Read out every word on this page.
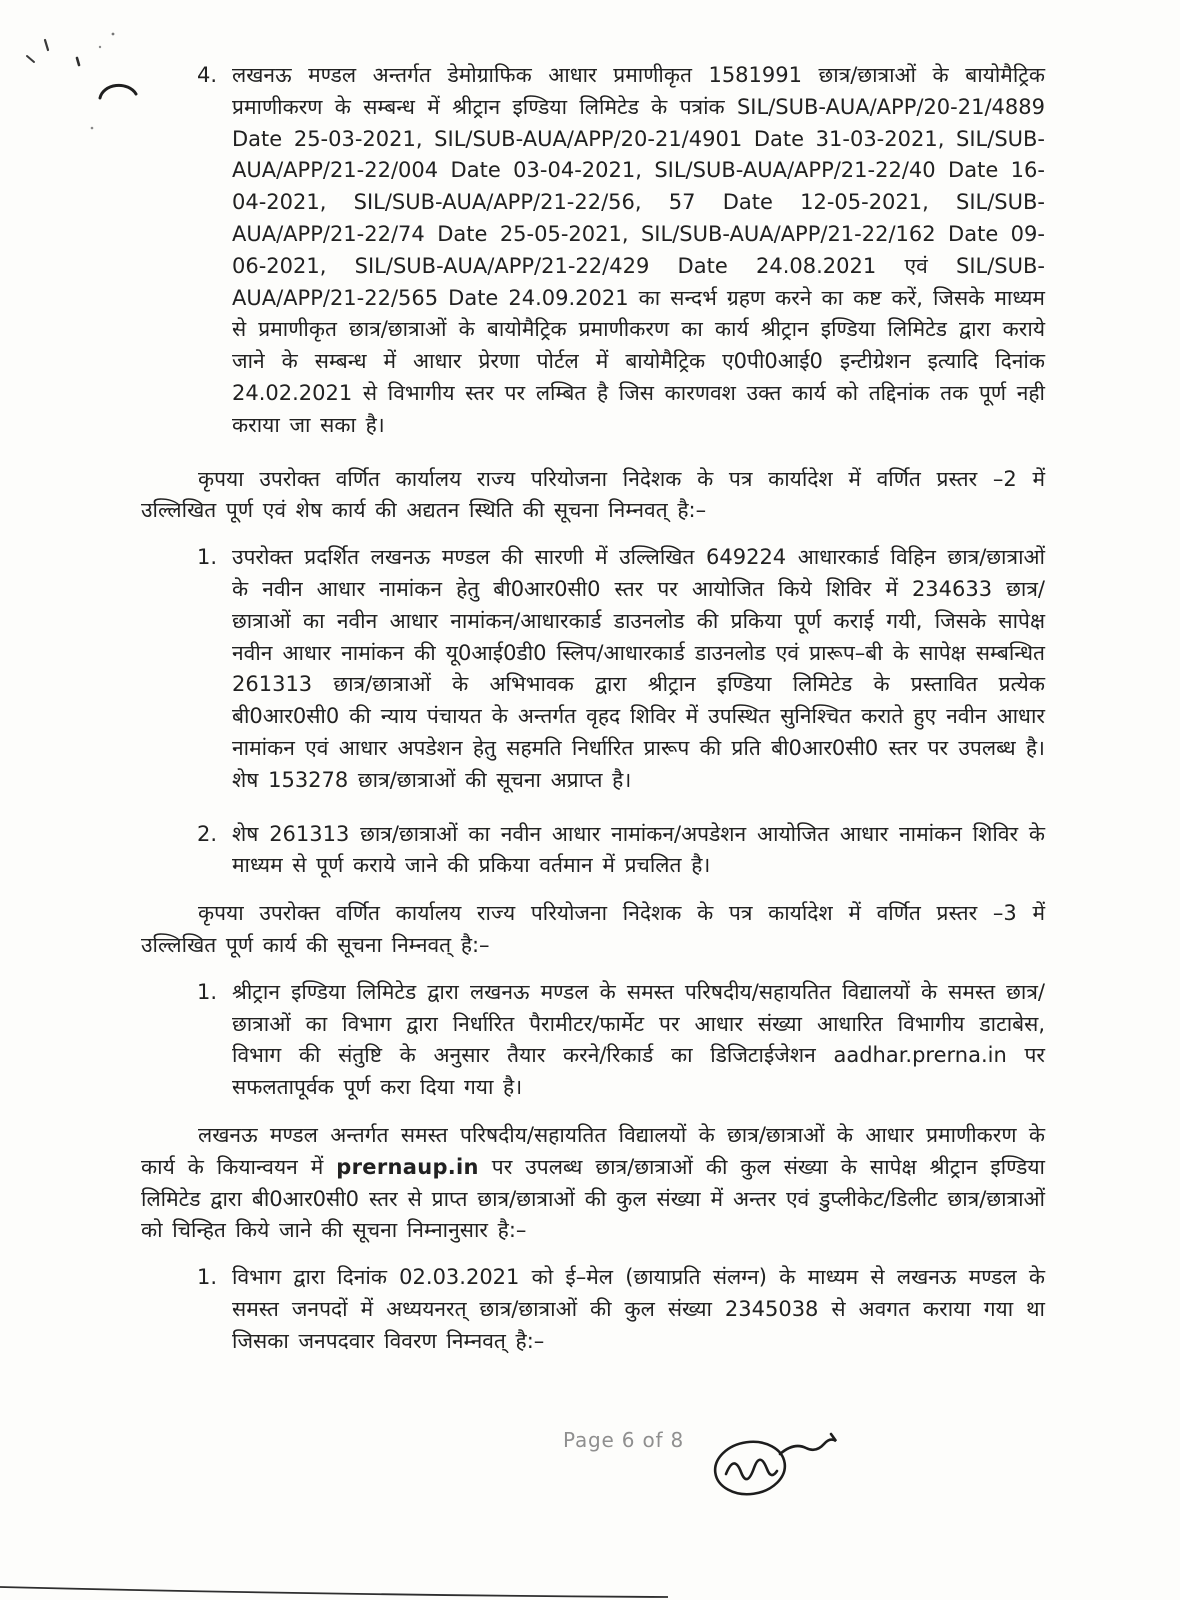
4. लखनऊ मण्डल अन्तर्गत डेमोग्राफिक आधार प्रमाणीकृत 1581991 छात्र/छात्राओं के बायोमैट्रिक प्रमाणीकरण के सम्बन्ध में श्रीट्रान इण्डिया लिमिटेड के पत्रांक SIL/SUB-AUA/APP/20-21/4889 Date 25-03-2021, SIL/SUB-AUA/APP/20-21/4901 Date 31-03-2021, SIL/SUB-AUA/APP/21-22/004 Date 03-04-2021, SIL/SUB-AUA/APP/21-22/40 Date 16-04-2021, SIL/SUB-AUA/APP/21-22/56, 57 Date 12-05-2021, SIL/SUB-AUA/APP/21-22/74 Date 25-05-2021, SIL/SUB-AUA/APP/21-22/162 Date 09-06-2021, SIL/SUB-AUA/APP/21-22/429 Date 24.08.2021 एवं SIL/SUB-AUA/APP/21-22/565 Date 24.09.2021 का सन्दर्भ ग्रहण करने का कष्ट करें, जिसके माध्यम से प्रमाणीकृत छात्र/छात्राओं के बायोमैट्रिक प्रमाणीकरण का कार्य श्रीट्रान इण्डिया लिमिटेड द्वारा कराये जाने के सम्बन्ध में आधार प्रेरणा पोर्टल में बायोमैट्रिक ए0पी0आई0 इन्टीग्रेशन इत्यादि दिनांक 24.02.2021 से विभागीय स्तर पर लम्बित है जिस कारणवश उक्त कार्य को तद्दिनांक तक पूर्ण नही कराया जा सका है।

कृपया उपरोक्त वर्णित कार्यालय राज्य परियोजना निदेशक के पत्र कार्यादेश में वर्णित प्रस्तर –2 में उल्लिखित पूर्ण एवं शेष कार्य की अद्यतन स्थिति की सूचना निम्नवत् है:–

1. उपरोक्त प्रदर्शित लखनऊ मण्डल की सारणी में उल्लिखित 649224 आधारकार्ड विहिन छात्र/छात्राओं के नवीन आधार नामांकन हेतु बी0आर0सी0 स्तर पर आयोजित किये शिविर में 234633 छात्र/छात्राओं का नवीन आधार नामांकन/आधारकार्ड डाउनलोड की प्रकिया पूर्ण कराई गयी, जिसके सापेक्ष नवीन आधार नामांकन की यू0आई0डी0 स्लिप/आधारकार्ड डाउनलोड एवं प्रारूप–बी के सापेक्ष सम्बन्धित 261313 छात्र/छात्राओं के अभिभावक द्वारा श्रीट्रान इण्डिया लिमिटेड के प्रस्तावित प्रत्येक बी0आर0सी0 की न्याय पंचायत के अन्तर्गत वृहद शिविर में उपस्थित सुनिश्चित कराते हुए नवीन आधार नामांकन एवं आधार अपडेशन हेतु सहमति निर्धारित प्रारूप की प्रति बी0आर0सी0 स्तर पर उपलब्ध है। शेष 153278 छात्र/छात्राओं की सूचना अप्राप्त है।
2. शेष 261313 छात्र/छात्राओं का नवीन आधार नामांकन/अपडेशन आयोजित आधार नामांकन शिविर के माध्यम से पूर्ण कराये जाने की प्रकिया वर्तमान में प्रचलित है।

कृपया उपरोक्त वर्णित कार्यालय राज्य परियोजना निदेशक के पत्र कार्यादेश में वर्णित प्रस्तर –3 में उल्लिखित पूर्ण कार्य की सूचना निम्नवत् है:–

1. श्रीट्रान इण्डिया लिमिटेड द्वारा लखनऊ मण्डल के समस्त परिषदीय/सहायतित विद्यालयों के समस्त छात्र/छात्राओं का विभाग द्वारा निर्धारित पैरामीटर/फार्मेट पर आधार संख्या आधारित विभागीय डाटाबेस, विभाग की संतुष्टि के अनुसार तैयार करने/रिकार्ड का डिजिटाईजेशन aadhar.prerna.in पर सफलतापूर्वक पूर्ण करा दिया गया है।

लखनऊ मण्डल अन्तर्गत समस्त परिषदीय/सहायतित विद्यालयों के छात्र/छात्राओं के आधार प्रमाणीकरण के कार्य के कियान्वयन में prernaup.in पर उपलब्ध छात्र/छात्राओं की कुल संख्या के सापेक्ष श्रीट्रान इण्डिया लिमिटेड द्वारा बी0आर0सी0 स्तर से प्राप्त छात्र/छात्राओं की कुल संख्या में अन्तर एवं डुप्लीकेट/डिलीट छात्र/छात्राओं को चिन्हित किये जाने की सूचना निम्नानुसार है:–

1. विभाग द्वारा दिनांक 02.03.2021 को ई–मेल (छायाप्रति संलग्न) के माध्यम से लखनऊ मण्डल के समस्त जनपदों में अध्ययनरत् छात्र/छात्राओं की कुल संख्या 2345038 से अवगत कराया गया था जिसका जनपदवार विवरण निम्नवत् है:–
Page 6 of 8
